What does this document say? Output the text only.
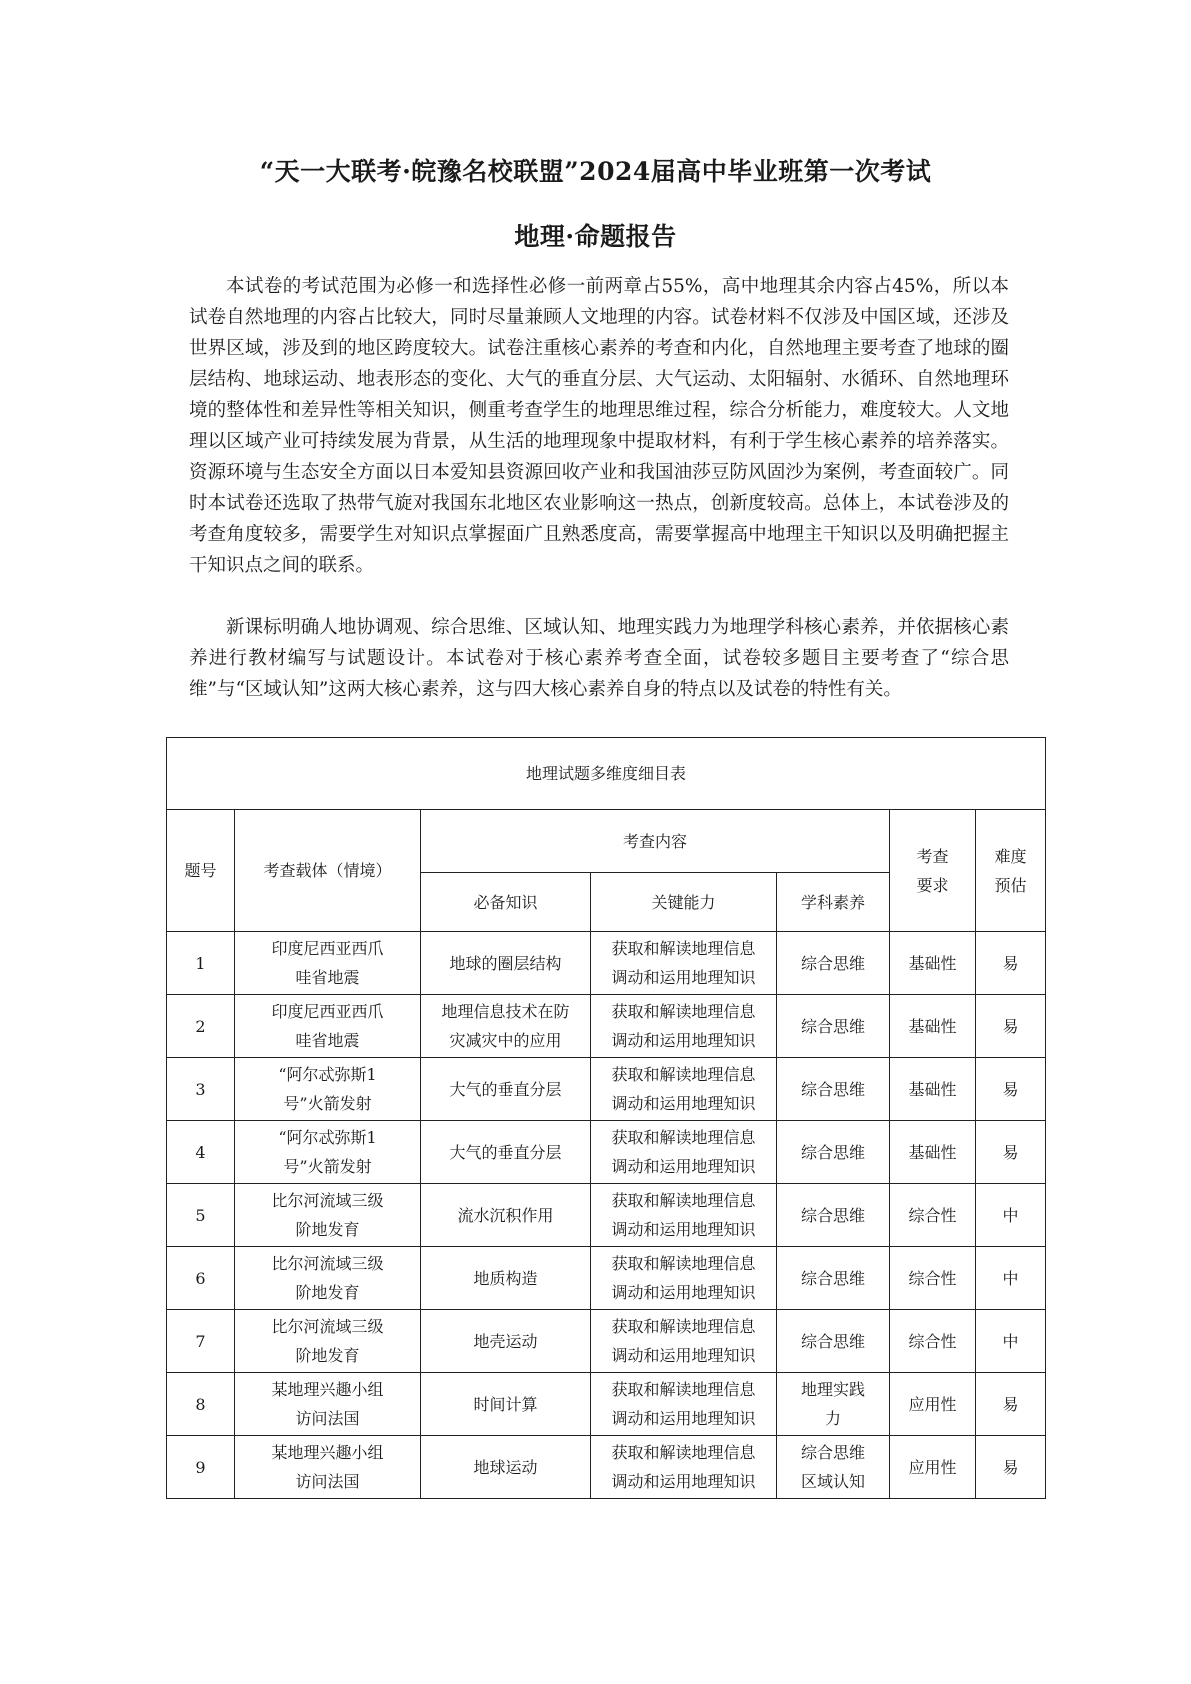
“天一大联考·皖豫名校联盟”2024届高中毕业班第一次考试
地理·命题报告

本试卷的考试范围为必修一和选择性必修一前两章占55%，高中地理其余内容占45%，所以本试卷自然地理的内容占比较大，同时尽量兼顾人文地理的内容。试卷材料不仅涉及中国区域，还涉及世界区域，涉及到的地区跨度较大。试卷注重核心素养的考查和内化，自然地理主要考查了地球的圈层结构、地球运动、地表形态的变化、大气的垂直分层、大气运动、太阳辐射、水循环、自然地理环境的整体性和差异性等相关知识，侧重考查学生的地理思维过程，综合分析能力，难度较大。人文地理以区域产业可持续发展为背景，从生活的地理现象中提取材料，有利于学生核心素养的培养落实。资源环境与生态安全方面以日本爱知县资源回收产业和我国油莎豆防风固沙为案例，考查面较广。同时本试卷还选取了热带气旋对我国东北地区农业影响这一热点，创新度较高。总体上，本试卷涉及的考查角度较多，需要学生对知识点掌握面广且熟悉度高，需要掌握高中地理主干知识以及明确把握主干知识点之间的联系。

新课标明确人地协调观、综合思维、区域认知、地理实践力为地理学科核心素养，并依据核心素养进行教材编写与试题设计。本试卷对于核心素养考查全面，试卷较多题目主要考查了“综合思维”与“区域认知”这两大核心素养，这与四大核心素养自身的特点以及试卷的特性有关。

地理试题多维度细目表						
题号	考查载体（情境）	考查内容			考查要求	难度预估

		必备知识	关键能力	学科素养		

1	印度尼西亚西爪哇省地震	地球的圈层结构	获取和解读地理信息调动和运用地理知识	综合思维	基础性	易

2	印度尼西亚西爪哇省地震	地理信息技术在防灾减灾中的应用	获取和解读地理信息调动和运用地理知识	综合思维	基础性	易

3	“阿尔忒弥斯1号”火箭发射	大气的垂直分层	获取和解读地理信息调动和运用地理知识	综合思维	基础性	易

4	“阿尔忒弥斯1号”火箭发射	大气的垂直分层	获取和解读地理信息调动和运用地理知识	综合思维	基础性	易

5	比尔河流域三级阶地发育	流水沉积作用	获取和解读地理信息调动和运用地理知识	综合思维	综合性	中

6	比尔河流域三级阶地发育	地质构造	获取和解读地理信息调动和运用地理知识	综合思维	综合性	中

7	比尔河流域三级阶地发育	地壳运动	获取和解读地理信息调动和运用地理知识	综合思维	综合性	中

8	某地理兴趣小组访问法国	时间计算	获取和解读地理信息调动和运用地理知识	地理实践力	应用性	易

9	某地理兴趣小组访问法国	地球运动	获取和解读地理信息调动和运用地理知识	综合思维区域认知	应用性	易
